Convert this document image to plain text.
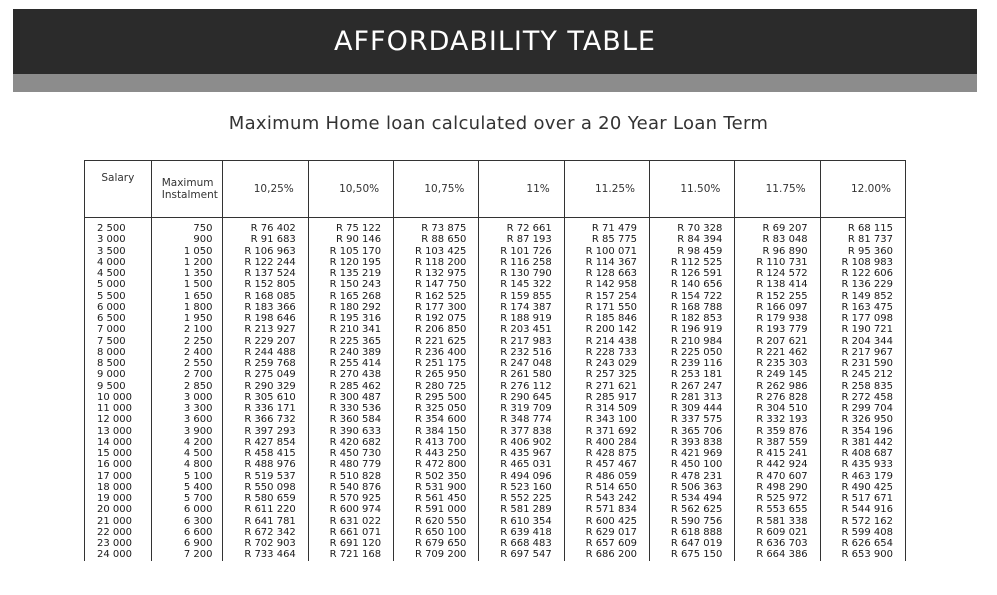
AFFORDABILITY TABLE
Maximum Home loan calculated over a 20 Year Loan Term
Salary	Maximum Instalment	10,25%	10,50%	10,75%	11%	11.25%	11.50%	11.75%	12.00%
2 500	750	R 76 402	R 75 122	R 73 875	R 72 661	R 71 479	R 70 328	R 69 207	R 68 115
3 000	900	R 91 683	R 90 146	R 88 650	R 87 193	R 85 775	R 84 394	R 83 048	R 81 737
3 500	1 050	R 106 963	R 105 170	R 103 425	R 101 726	R 100 071	R 98 459	R 96 890	R 95 360
4 000	1 200	R 122 244	R 120 195	R 118 200	R 116 258	R 114 367	R 112 525	R 110 731	R 108 983
4 500	1 350	R 137 524	R 135 219	R 132 975	R 130 790	R 128 663	R 126 591	R 124 572	R 122 606
5 000	1 500	R 152 805	R 150 243	R 147 750	R 145 322	R 142 958	R 140 656	R 138 414	R 136 229
5 500	1 650	R 168 085	R 165 268	R 162 525	R 159 855	R 157 254	R 154 722	R 152 255	R 149 852
6 000	1 800	R 183 366	R 180 292	R 177 300	R 174 387	R 171 550	R 168 788	R 166 097	R 163 475
6 500	1 950	R 198 646	R 195 316	R 192 075	R 188 919	R 185 846	R 182 853	R 179 938	R 177 098
7 000	2 100	R 213 927	R 210 341	R 206 850	R 203 451	R 200 142	R 196 919	R 193 779	R 190 721
7 500	2 250	R 229 207	R 225 365	R 221 625	R 217 983	R 214 438	R 210 984	R 207 621	R 204 344
8 000	2 400	R 244 488	R 240 389	R 236 400	R 232 516	R 228 733	R 225 050	R 221 462	R 217 967
8 500	2 550	R 259 768	R 255 414	R 251 175	R 247 048	R 243 029	R 239 116	R 235 303	R 231 590
9 000	2 700	R 275 049	R 270 438	R 265 950	R 261 580	R 257 325	R 253 181	R 249 145	R 245 212
9 500	2 850	R 290 329	R 285 462	R 280 725	R 276 112	R 271 621	R 267 247	R 262 986	R 258 835
10 000	3 000	R 305 610	R 300 487	R 295 500	R 290 645	R 285 917	R 281 313	R 276 828	R 272 458
11 000	3 300	R 336 171	R 330 536	R 325 050	R 319 709	R 314 509	R 309 444	R 304 510	R 299 704
12 000	3 600	R 366 732	R 360 584	R 354 600	R 348 774	R 343 100	R 337 575	R 332 193	R 326 950
13 000	3 900	R 397 293	R 390 633	R 384 150	R 377 838	R 371 692	R 365 706	R 359 876	R 354 196
14 000	4 200	R 427 854	R 420 682	R 413 700	R 406 902	R 400 284	R 393 838	R 387 559	R 381 442
15 000	4 500	R 458 415	R 450 730	R 443 250	R 435 967	R 428 875	R 421 969	R 415 241	R 408 687
16 000	4 800	R 488 976	R 480 779	R 472 800	R 465 031	R 457 467	R 450 100	R 442 924	R 435 933
17 000	5 100	R 519 537	R 510 828	R 502 350	R 494 096	R 486 059	R 478 231	R 470 607	R 463 179
18 000	5 400	R 550 098	R 540 876	R 531 900	R 523 160	R 514 650	R 506 363	R 498 290	R 490 425
19 000	5 700	R 580 659	R 570 925	R 561 450	R 552 225	R 543 242	R 534 494	R 525 972	R 517 671
20 000	6 000	R 611 220	R 600 974	R 591 000	R 581 289	R 571 834	R 562 625	R 553 655	R 544 916
21 000	6 300	R 641 781	R 631 022	R 620 550	R 610 354	R 600 425	R 590 756	R 581 338	R 572 162
22 000	6 600	R 672 342	R 661 071	R 650 100	R 639 418	R 629 017	R 618 888	R 609 021	R 599 408
23 000	6 900	R 702 903	R 691 120	R 679 650	R 668 483	R 657 609	R 647 019	R 636 703	R 626 654
24 000	7 200	R 733 464	R 721 168	R 709 200	R 697 547	R 686 200	R 675 150	R 664 386	R 653 900
